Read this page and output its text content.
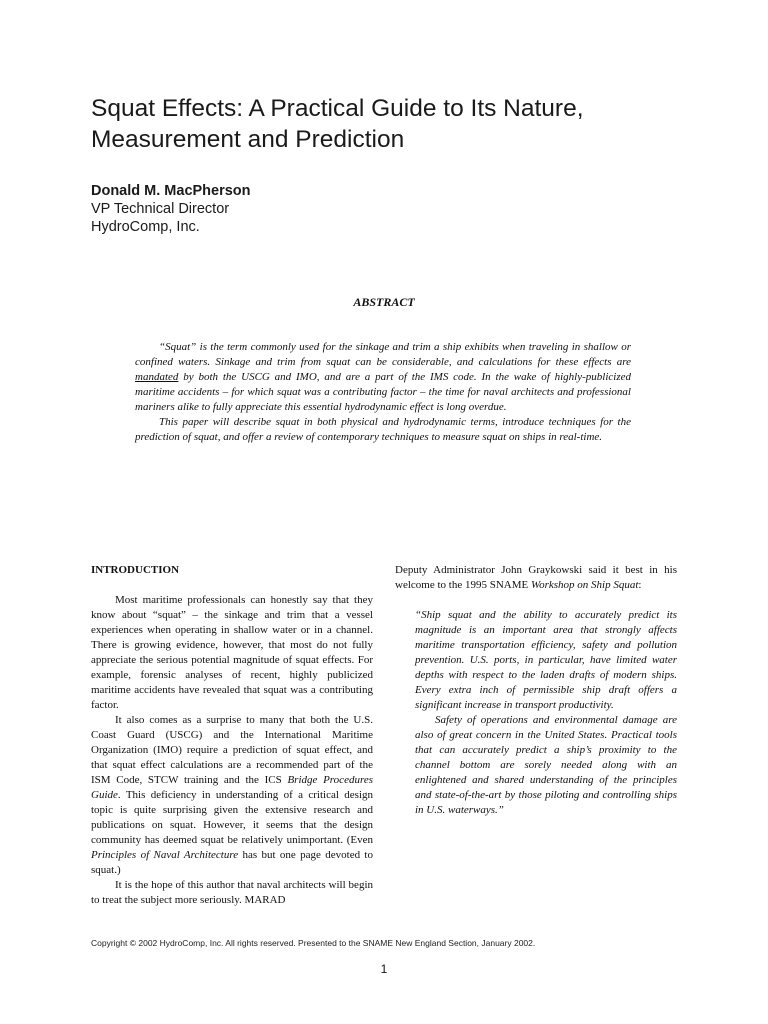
Squat Effects: A Practical Guide to Its Nature, Measurement and Prediction
Donald M. MacPherson
VP Technical Director
HydroComp, Inc.
ABSTRACT

“Squat” is the term commonly used for the sinkage and trim a ship exhibits when traveling in shallow or confined waters. Sinkage and trim from squat can be considerable, and calculations for these effects are mandated by both the USCG and IMO, and are a part of the IMS code. In the wake of highly-publicized maritime accidents – for which squat was a contributing factor – the time for naval architects and professional mariners alike to fully appreciate this essential hydrodynamic effect is long overdue.

This paper will describe squat in both physical and hydrodynamic terms, introduce techniques for the prediction of squat, and offer a review of contemporary techniques to measure squat on ships in real-time.

INTRODUCTION

Most maritime professionals can honestly say that they know about “squat” – the sinkage and trim that a vessel experiences when operating in shallow water or in a channel. There is growing evidence, however, that most do not fully appreciate the serious potential magnitude of squat effects. For example, forensic analyses of recent, highly publicized maritime accidents have revealed that squat was a contributing factor.

It also comes as a surprise to many that both the U.S. Coast Guard (USCG) and the International Maritime Organization (IMO) require a prediction of squat effect, and that squat effect calculations are a recommended part of the ISM Code, STCW training and the ICS Bridge Procedures Guide. This deficiency in understanding of a critical design topic is quite surprising given the extensive research and publications on squat. However, it seems that the design community has deemed squat be relatively unimportant. (Even Principles of Naval Architecture has but one page devoted to squat.)

It is the hope of this author that naval architects will begin to treat the subject more seriously. MARAD

Deputy Administrator John Graykowski said it best in his welcome to the 1995 SNAME Workshop on Ship Squat:

“Ship squat and the ability to accurately predict its magnitude is an important area that strongly affects maritime transportation efficiency, safety and pollution prevention. U.S. ports, in particular, have limited water depths with respect to the laden drafts of modern ships. Every extra inch of permissible ship draft offers a significant increase in transport productivity.

Safety of operations and environmental damage are also of great concern in the United States. Practical tools that can accurately predict a ship’s proximity to the channel bottom are sorely needed along with an enlightened and shared understanding of the principles and state-of-the-art by those piloting and controlling ships in U.S. waterways.”

Copyright © 2002 HydroComp, Inc. All rights reserved. Presented to the SNAME New England Section, January 2002.
1
